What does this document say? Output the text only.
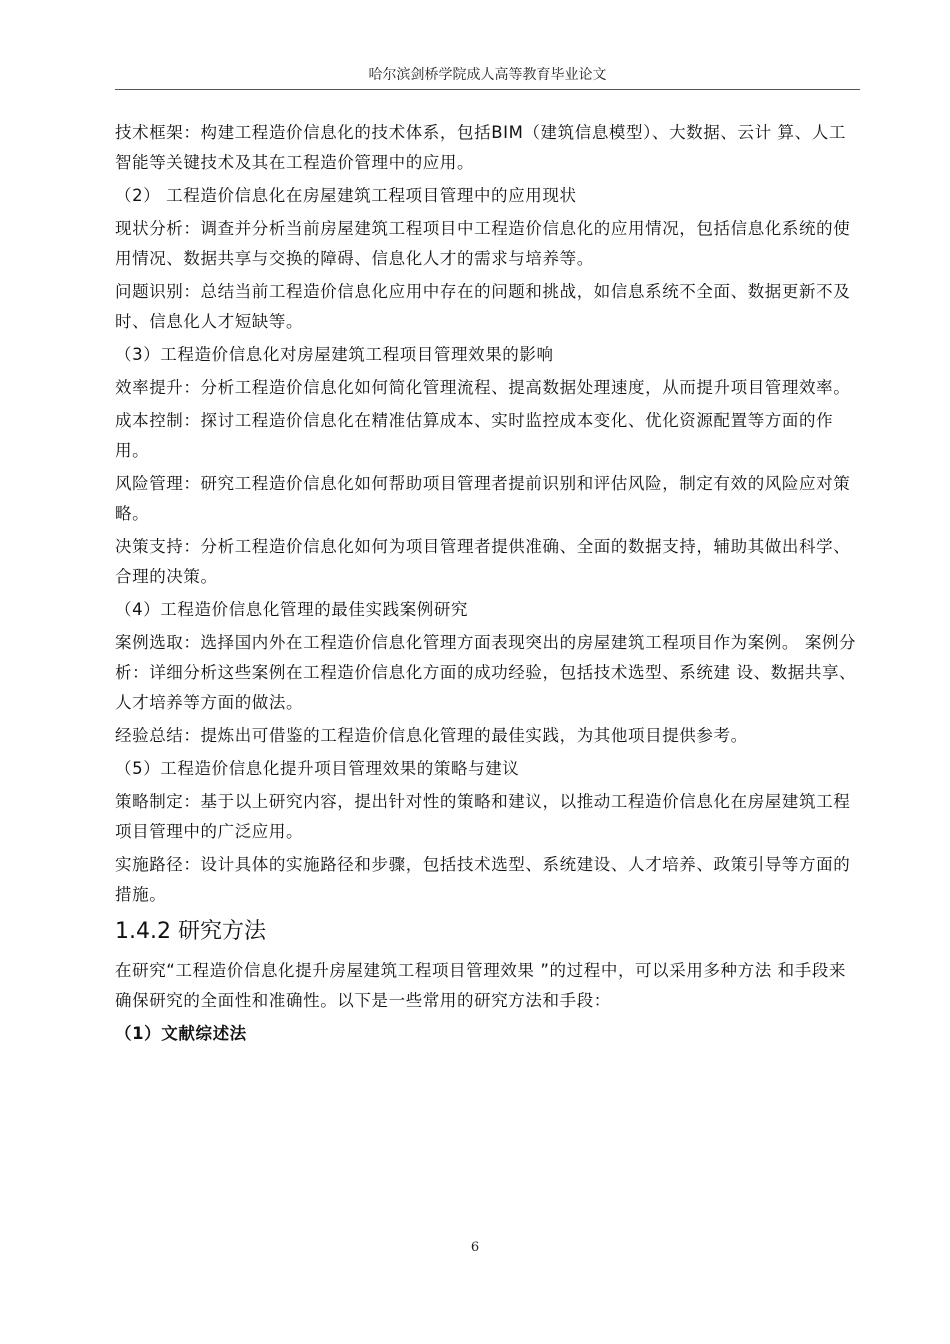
哈尔滨剑桥学院成人高等教育毕业论文

技术框架：构建工程造价信息化的技术体系，包括BIM（建筑信息模型）、大数据、云计 算、人工智能等关键技术及其在工程造价管理中的应用。

（2） 工程造价信息化在房屋建筑工程项目管理中的应用现状

现状分析：调查并分析当前房屋建筑工程项目中工程造价信息化的应用情况，包括信息化系统的使用情况、数据共享与交换的障碍、信息化人才的需求与培养等。

问题识别：总结当前工程造价信息化应用中存在的问题和挑战，如信息系统不全面、数据更新不及时、信息化人才短缺等。

（3）工程造价信息化对房屋建筑工程项目管理效果的影响

效率提升：分析工程造价信息化如何简化管理流程、提高数据处理速度，从而提升项目管理效率。

成本控制：探讨工程造价信息化在精准估算成本、实时监控成本变化、优化资源配置等方面的作用。

风险管理：研究工程造价信息化如何帮助项目管理者提前识别和评估风险，制定有效的风险应对策略。

决策支持：分析工程造价信息化如何为项目管理者提供准确、全面的数据支持，辅助其做出科学、合理的决策。

（4）工程造价信息化管理的最佳实践案例研究

案例选取：选择国内外在工程造价信息化管理方面表现突出的房屋建筑工程项目作为案例。 案例分析：详细分析这些案例在工程造价信息化方面的成功经验，包括技术选型、系统建 设、数据共享、人才培养等方面的做法。

经验总结：提炼出可借鉴的工程造价信息化管理的最佳实践，为其他项目提供参考。

（5）工程造价信息化提升项目管理效果的策略与建议

策略制定：基于以上研究内容，提出针对性的策略和建议，以推动工程造价信息化在房屋建筑工程项目管理中的广泛应用。

实施路径：设计具体的实施路径和步骤，包括技术选型、系统建设、人才培养、政策引导等方面的措施。

1.4.2 研究方法

在研究“工程造价信息化提升房屋建筑工程项目管理效果 ”的过程中，可以采用多种方法 和手段来确保研究的全面性和准确性。以下是一些常用的研究方法和手段：

（1）文献综述法

6
